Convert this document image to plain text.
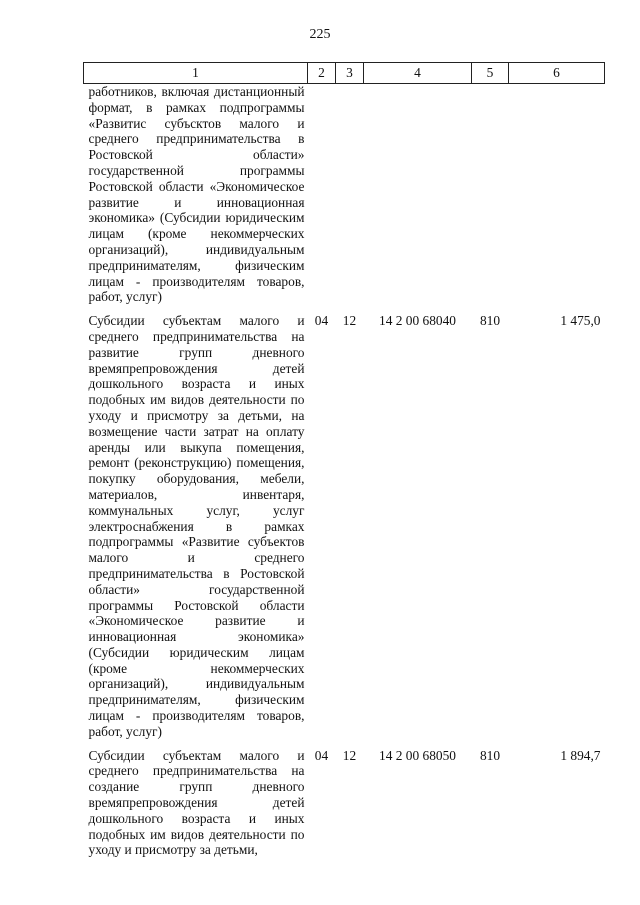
225
1	2	3	4	5	6
работников, включая дистанционный формат, в рамках подпрограммы «Развитис субъсктов малого и среднего предпринимательства в Ростовской области» государственной программы Ростовской области «Экономическое развитие и инновационная экономика» (Субсидии юридическим лицам (кроме некоммерческих организаций), индивидуальным предпринимателям, физическим лицам - производителям товаров, работ, услуг)					
Субсидии субъектам малого и среднего предпринимательства на развитие групп дневного времяпрепровождения детей дошкольного возраста и иных подобных им видов деятельности по уходу и присмотру за детьми, на возмещение части затрат на оплату аренды или выкупа помещения, ремонт (реконструкцию) помещения, покупку оборудования, мебели, материалов, инвентаря, коммунальных услуг, услуг электроснабжения в рамках подпрограммы «Развитие субъектов малого и среднего предпринимательства в Ростовской области» государственной программы Ростовской области «Экономическое развитие и инновационная экономика» (Субсидии юридическим лицам (кроме некоммерческих организаций), индивидуальным предпринимателям, физическим лицам - производителям товаров, работ, услуг)	04	12	14 2 00 68040	810	1 475,0
Субсидии субъектам малого и среднего предпринимательства на создание групп дневного времяпрепровождения детей дошкольного возраста и иных подобных им видов деятельности по уходу и присмотру за детьми,	04	12	14 2 00 68050	810	1 894,7
